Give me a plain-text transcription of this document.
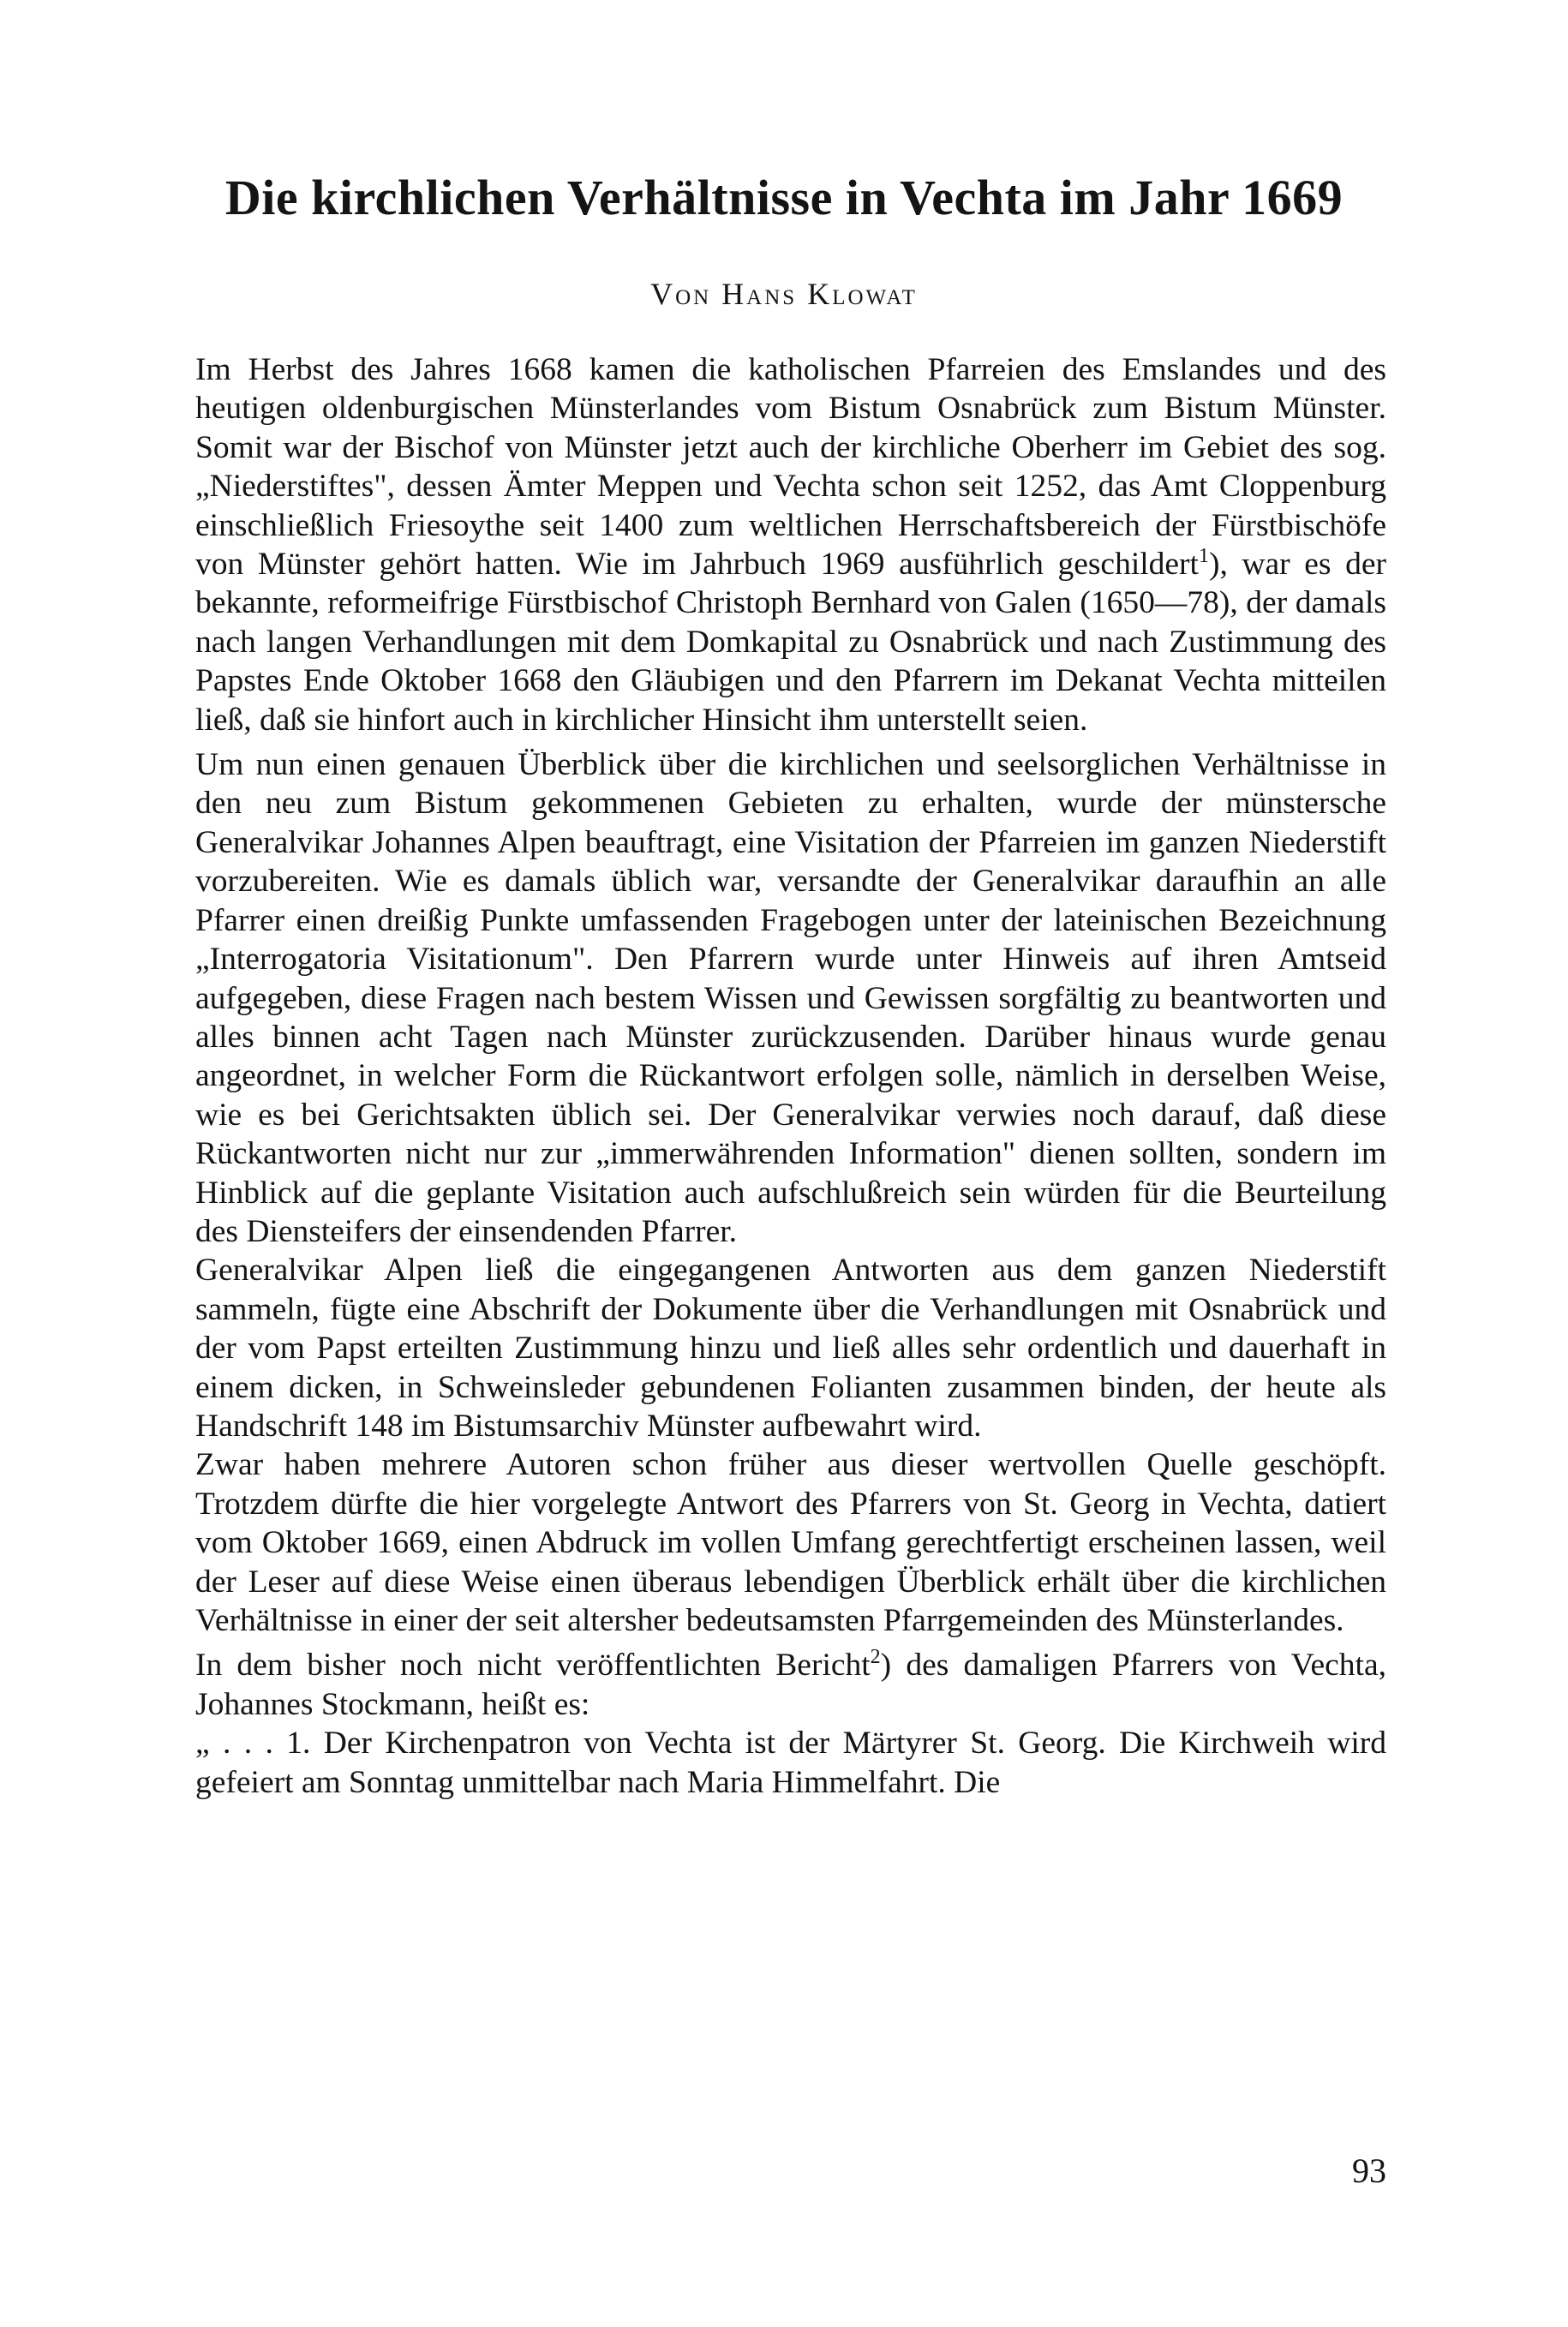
Die kirchlichen Verhältnisse in Vechta im Jahr 1669
Von Hans Klowat

Im Herbst des Jahres 1668 kamen die katholischen Pfarreien des Emslandes und des heutigen oldenburgischen Münsterlandes vom Bistum Osnabrück zum Bistum Münster. Somit war der Bischof von Münster jetzt auch der kirchliche Oberherr im Gebiet des sog. „Niederstiftes", dessen Ämter Meppen und Vechta schon seit 1252, das Amt Cloppenburg einschließlich Friesoythe seit 1400 zum weltlichen Herrschaftsbereich der Fürstbischöfe von Münster gehört hatten. Wie im Jahrbuch 1969 ausführlich geschildert$^1$), war es der bekannte, reformeifrige Fürstbischof Christoph Bernhard von Galen (1650—78), der damals nach langen Verhandlungen mit dem Domkapital zu Osnabrück und nach Zustimmung des Papstes Ende Oktober 1668 den Gläubigen und den Pfarrern im Dekanat Vechta mitteilen ließ, daß sie hinfort auch in kirchlicher Hinsicht ihm unterstellt seien.

Um nun einen genauen Überblick über die kirchlichen und seelsorglichen Verhältnisse in den neu zum Bistum gekommenen Gebieten zu erhalten, wurde der münstersche Generalvikar Johannes Alpen beauftragt, eine Visitation der Pfarreien im ganzen Niederstift vorzubereiten. Wie es damals üblich war, versandte der Generalvikar daraufhin an alle Pfarrer einen dreißig Punkte umfassenden Fragebogen unter der lateinischen Bezeichnung „Interrogatoria Visitationum". Den Pfarrern wurde unter Hinweis auf ihren Amtseid aufgegeben, diese Fragen nach bestem Wissen und Gewissen sorgfältig zu beantworten und alles binnen acht Tagen nach Münster zurückzusenden. Darüber hinaus wurde genau angeordnet, in welcher Form die Rückantwort erfolgen solle, nämlich in derselben Weise, wie es bei Gerichtsakten üblich sei. Der Generalvikar verwies noch darauf, daß diese Rückantworten nicht nur zur „immerwährenden Information" dienen sollten, sondern im Hinblick auf die geplante Visitation auch aufschlußreich sein würden für die Beurteilung des Diensteifers der einsendenden Pfarrer.

Generalvikar Alpen ließ die eingegangenen Antworten aus dem ganzen Niederstift sammeln, fügte eine Abschrift der Dokumente über die Verhandlungen mit Osnabrück und der vom Papst erteilten Zustimmung hinzu und ließ alles sehr ordentlich und dauerhaft in einem dicken, in Schweinsleder gebundenen Folianten zusammen binden, der heute als Handschrift 148 im Bistumsarchiv Münster aufbewahrt wird.

Zwar haben mehrere Autoren schon früher aus dieser wertvollen Quelle geschöpft. Trotzdem dürfte die hier vorgelegte Antwort des Pfarrers von St. Georg in Vechta, datiert vom Oktober 1669, einen Abdruck im vollen Umfang gerechtfertigt erscheinen lassen, weil der Leser auf diese Weise einen überaus lebendigen Überblick erhält über die kirchlichen Verhältnisse in einer der seit altersher bedeutsamsten Pfarrgemeinden des Münsterlandes.

In dem bisher noch nicht veröffentlichten Bericht$^2$) des damaligen Pfarrers von Vechta, Johannes Stockmann, heißt es:

„ . . . 1. Der Kirchenpatron von Vechta ist der Märtyrer St. Georg. Die Kirchweih wird gefeiert am Sonntag unmittelbar nach Maria Himmelfahrt. Die

93
